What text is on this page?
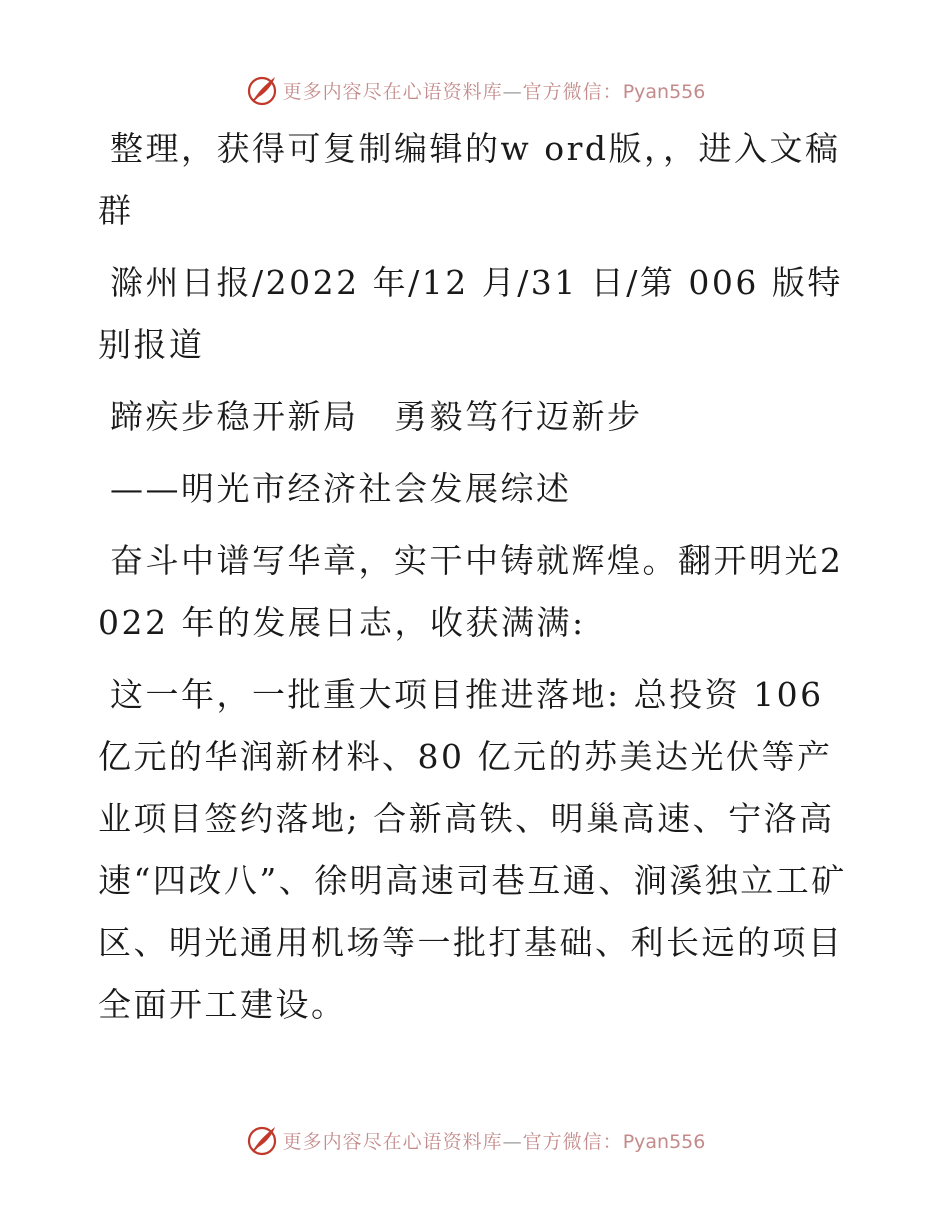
更多内容尽在心语资料库—官方微信：Pyan556

整理，获得可复制编辑的w ord版，，进入文稿群

滁州日报/2022 年/12 月/31 日/第 006 版特别报道

蹄疾步稳开新局　勇毅笃行迈新步

——明光市经济社会发展综述

奋斗中谱写华章，实干中铸就辉煌。翻开明光2022 年的发展日志，收获满满:

这一年，一批重大项目推进落地: 总投资 106 亿元的华润新材料、80 亿元的苏美达光伏等产业项目签约落地; 合新高铁、明巢高速、宁洛高速“四改八”、徐明高速司巷互通、涧溪独立工矿区、明光通用机场等一批打基础、利长远的项目全面开工建设。

更多内容尽在心语资料库—官方微信：Pyan556
